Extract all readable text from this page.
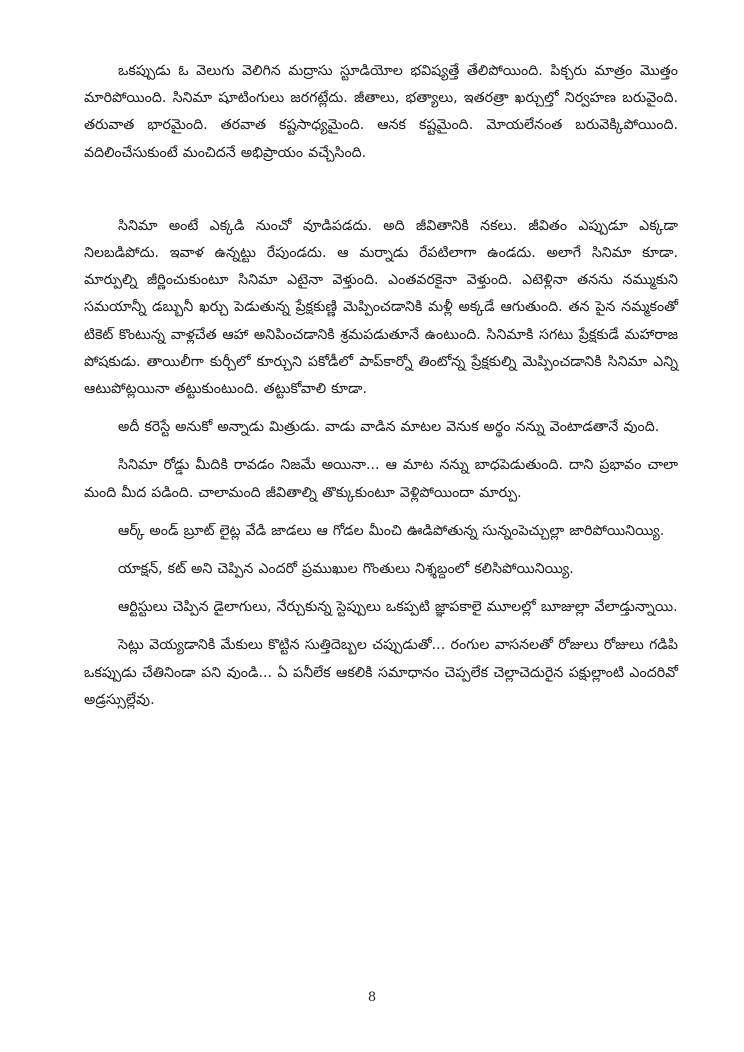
ఒకప్పుడు ఓ వెలుగు వెలిగిన మద్రాసు స్టూడియోల భవిష్యత్తే తేలిపోయింది. పిక్చరు మాత్రం మొత్తం మారిపోయింది. సినిమా షూటింగులు జరగట్లేదు. జీతాలు, భత్యాలు, ఇతరత్రా ఖర్చుల్తో నిర్వహణ బరువైంది. తరువాత భారమైంది. తరవాత కష్టసాధ్యమైంది. ఆనక కష్టమైంది. మోయలేనంత బరువెక్కిపోయింది. వదిలించేసుకుంటే మంచిదనే అభిప్రాయం వచ్చేసింది.

సినిమా అంటే ఎక్కడి నుంచో వూడిపడదు. అది జీవితానికి నకలు. జీవితం ఎప్పుడూ ఎక్కడా నిలబడిపోదు. ఇవాళ ఉన్నట్టు రేపుండదు. ఆ మర్నాడు రేపటిలాగా ఉండదు. అలాగే సినిమా కూడా. మార్పుల్ని జీర్ణించుకుంటూ సినిమా ఎటైనా వెళ్తుంది. ఎంతవరకైనా వెళ్తుంది. ఎటెళ్లినా తనను నమ్ముకుని సమయాన్నీ డబ్బునీ ఖర్చు పెడుతున్న ప్రేక్షకుణ్ణి మెప్పించడానికి మళ్లీ అక్కడే ఆగుతుంది. తన పైన నమ్మకంతో టికెట్ కొంటున్న వాళ్లచేత ఆహా అనిపించడానికి శ్రమపడుతూనే ఉంటుంది. సినిమాకి సగటు ప్రేక్షకుడే మహారాజ పోషకుడు. తాయిలీగా కుర్చీలో కూర్చుని పకోడీలో పాప్‌కార్నో తింటోన్న ప్రేక్షకుల్ని మెప్పించడానికి సినిమా ఎన్ని ఆటుపోట్లయినా తట్టుకుంటుంది. తట్టుకోవాలి కూడా.

అదీ కరెస్టే అనుకో అన్నాడు మిత్రుడు. వాడు వాడిన మాటల వెనుక అర్థం నన్ను వెంటాడతానే వుంది.

సినిమా రోడ్డు మీదికి రావడం నిజమే అయినా... ఆ మాట నన్ను బాధపెడుతుంది. దాని ప్రభావం చాలా మంది మీద పడింది. చాలామంది జీవితాల్ని తొక్కుకుంటూ వెళ్లిపోయిందా మార్పు.

ఆర్క్ అండ్ బ్రూట్ లైట్ల వేడి జాడలు ఆ గోడల మీంచి ఊడిపోతున్న సున్నంపెచ్చుల్లా జారిపోయినియ్యి.

యాక్షన్, కట్ అని చెప్పిన ఎందరో ప్రముఖుల గొంతులు నిశ్శబ్దంలో కలిసిపోయినియ్యి.

ఆర్టిస్టులు చెప్పిన డైలాగులు, నేర్చుకున్న స్టెప్పులు ఒకప్పటి జ్ఞాపకాలై మూలల్లో బూజుల్లా వేలాడ్తున్నాయి.

సెట్లు వెయ్యడానికి మేకులు కొట్టిన సుత్తిదెబ్బల చప్పుడుతో... రంగుల వాసనలతో రోజులు రోజులు గడిపి ఒకప్పుడు చేతినిండా పని వుండి... ఏ పనీలేక ఆకలికి సమాధానం చెప్పలేక చెల్లాచెదురైన పక్షుల్లాంటి ఎందరివో అడ్రస్సుల్లేవు.

8
